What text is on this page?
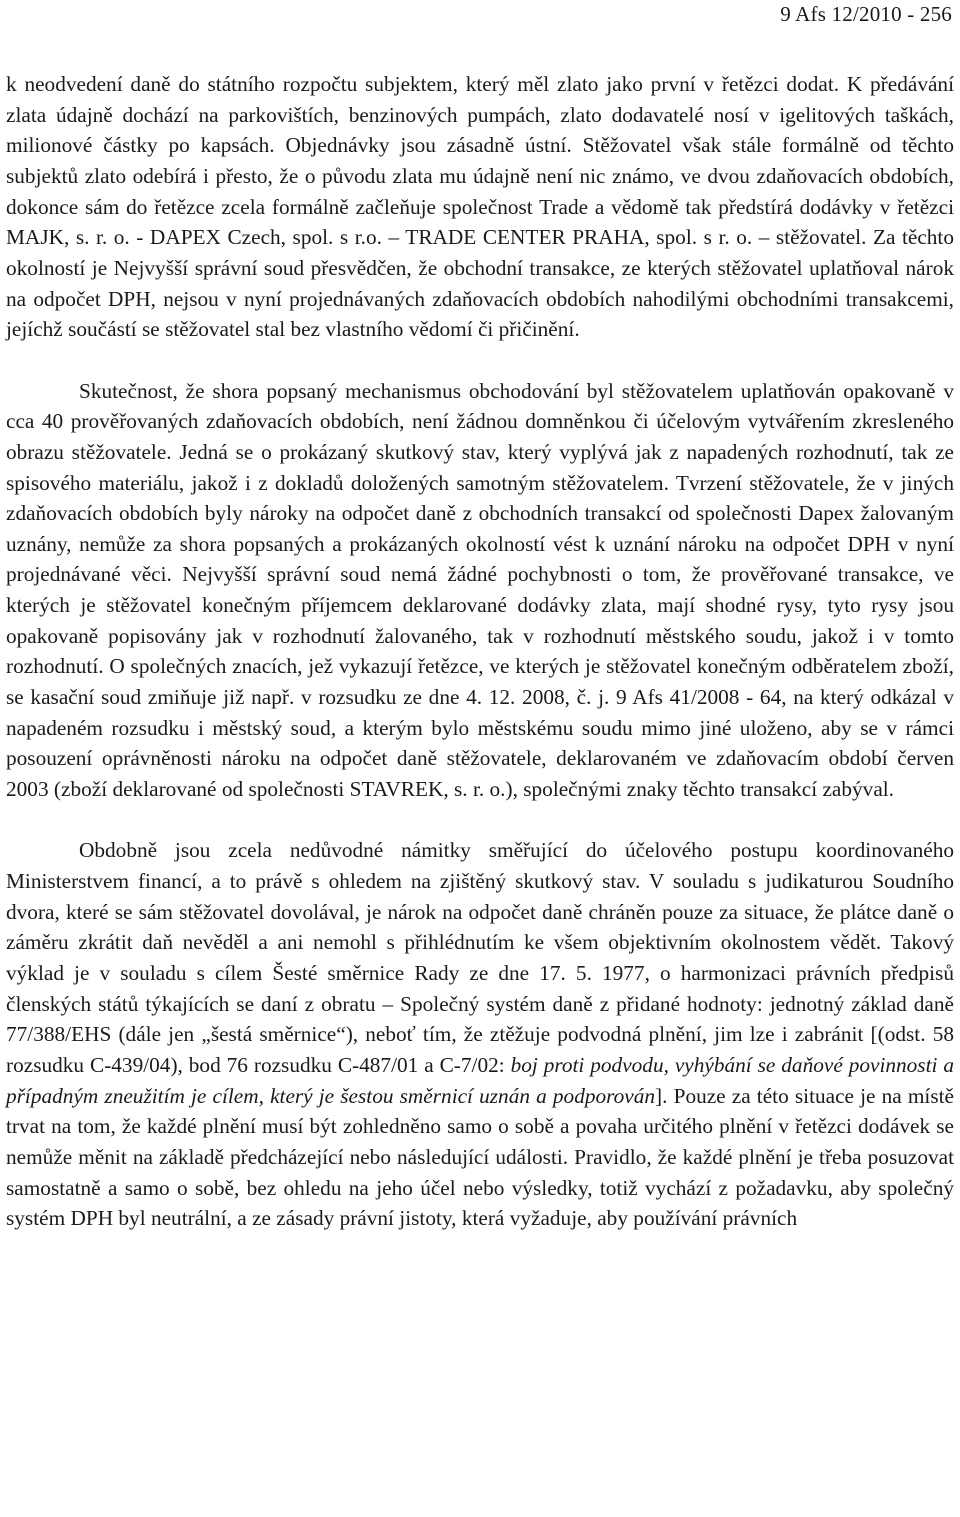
9 Afs 12/2010 - 256

k neodvedení daně do státního rozpočtu subjektem, který měl zlato jako první v řetězci dodat. K předávání zlata údajně dochází na parkovištích, benzinových pumpách, zlato dodavatelé nosí v igelitových taškách, milionové částky po kapsách. Objednávky jsou zásadně ústní. Stěžovatel však stále formálně od těchto subjektů zlato odebírá i přesto, že o původu zlata mu údajně není nic známo, ve dvou zdaňovacích obdobích, dokonce sám do řetězce zcela formálně začleňuje společnost Trade a vědomě tak předstírá dodávky v řetězci MAJK, s. r. o. - DAPEX Czech, spol. s r.o. – TRADE CENTER PRAHA, spol. s r. o. – stěžovatel. Za těchto okolností je Nejvyšší správní soud přesvědčen, že obchodní transakce, ze kterých stěžovatel uplatňoval nárok na odpočet DPH, nejsou v nyní projednávaných zdaňovacích obdobích nahodilými obchodními transakcemi, jejíchž součástí se stěžovatel stal bez vlastního vědomí či přičinění.

Skutečnost, že shora popsaný mechanismus obchodování byl stěžovatelem uplatňován opakovaně v cca 40 prověřovaných zdaňovacích obdobích, není žádnou domněnkou či účelovým vytvářením zkresleného obrazu stěžovatele. Jedná se o prokázaný skutkový stav, který vyplývá jak z napadených rozhodnutí, tak ze spisového materiálu, jakož i z dokladů doložených samotným stěžovatelem. Tvrzení stěžovatele, že v jiných zdaňovacích obdobích byly nároky na odpočet daně z obchodních transakcí od společnosti Dapex žalovaným uznány, nemůže za shora popsaných a prokázaných okolností vést k uznání nároku na odpočet DPH v nyní projednávané věci. Nejvyšší správní soud nemá žádné pochybnosti o tom, že prověřované transakce, ve kterých je stěžovatel konečným příjemcem deklarované dodávky zlata, mají shodné rysy, tyto rysy jsou opakovaně popisovány jak v rozhodnutí žalovaného, tak v rozhodnutí městského soudu, jakož i v tomto rozhodnutí. O společných znacích, jež vykazují řetězce, ve kterých je stěžovatel konečným odběratelem zboží, se kasační soud zmiňuje již např. v rozsudku ze dne 4. 12. 2008, č. j. 9 Afs 41/2008 - 64, na který odkázal v napadeném rozsudku i městský soud, a kterým bylo městskému soudu mimo jiné uloženo, aby se v rámci posouzení oprávněnosti nároku na odpočet daně stěžovatele, deklarovaném ve zdaňovacím období červen 2003 (zboží deklarované od společnosti STAVREK, s. r. o.), společnými znaky těchto transakcí zabýval.

Obdobně jsou zcela nedůvodné námitky směřující do účelového postupu koordinovaného Ministerstvem financí, a to právě s ohledem na zjištěný skutkový stav. V souladu s judikaturou Soudního dvora, které se sám stěžovatel dovolával, je nárok na odpočet daně chráněn pouze za situace, že plátce daně o záměru zkrátit daň nevěděl a ani nemohl s přihlédnutím ke všem objektivním okolnostem vědět. Takový výklad je v souladu s cílem Šesté směrnice Rady ze dne 17. 5. 1977, o harmonizaci právních předpisů členských států týkajících se daní z obratu – Společný systém daně z přidané hodnoty: jednotný základ daně 77/388/EHS (dále jen „šestá směrnice“), neboť tím, že ztěžuje podvodná plnění, jim lze i zabránit [(odst. 58 rozsudku C-439/04), bod 76 rozsudku C-487/01 a C-7/02: boj proti podvodu, vyhýbání se daňové povinnosti a případným zneužitím je cílem, který je šestou směrnicí uznán a podporován]. Pouze za této situace je na místě trvat na tom, že každé plnění musí být zohledněno samo o sobě a povaha určitého plnění v řetězci dodávek se nemůže měnit na základě předcházející nebo následující události. Pravidlo, že každé plnění je třeba posuzovat samostatně a samo o sobě, bez ohledu na jeho účel nebo výsledky, totiž vychází z požadavku, aby společný systém DPH byl neutrální, a ze zásady právní jistoty, která vyžaduje, aby používání právních
